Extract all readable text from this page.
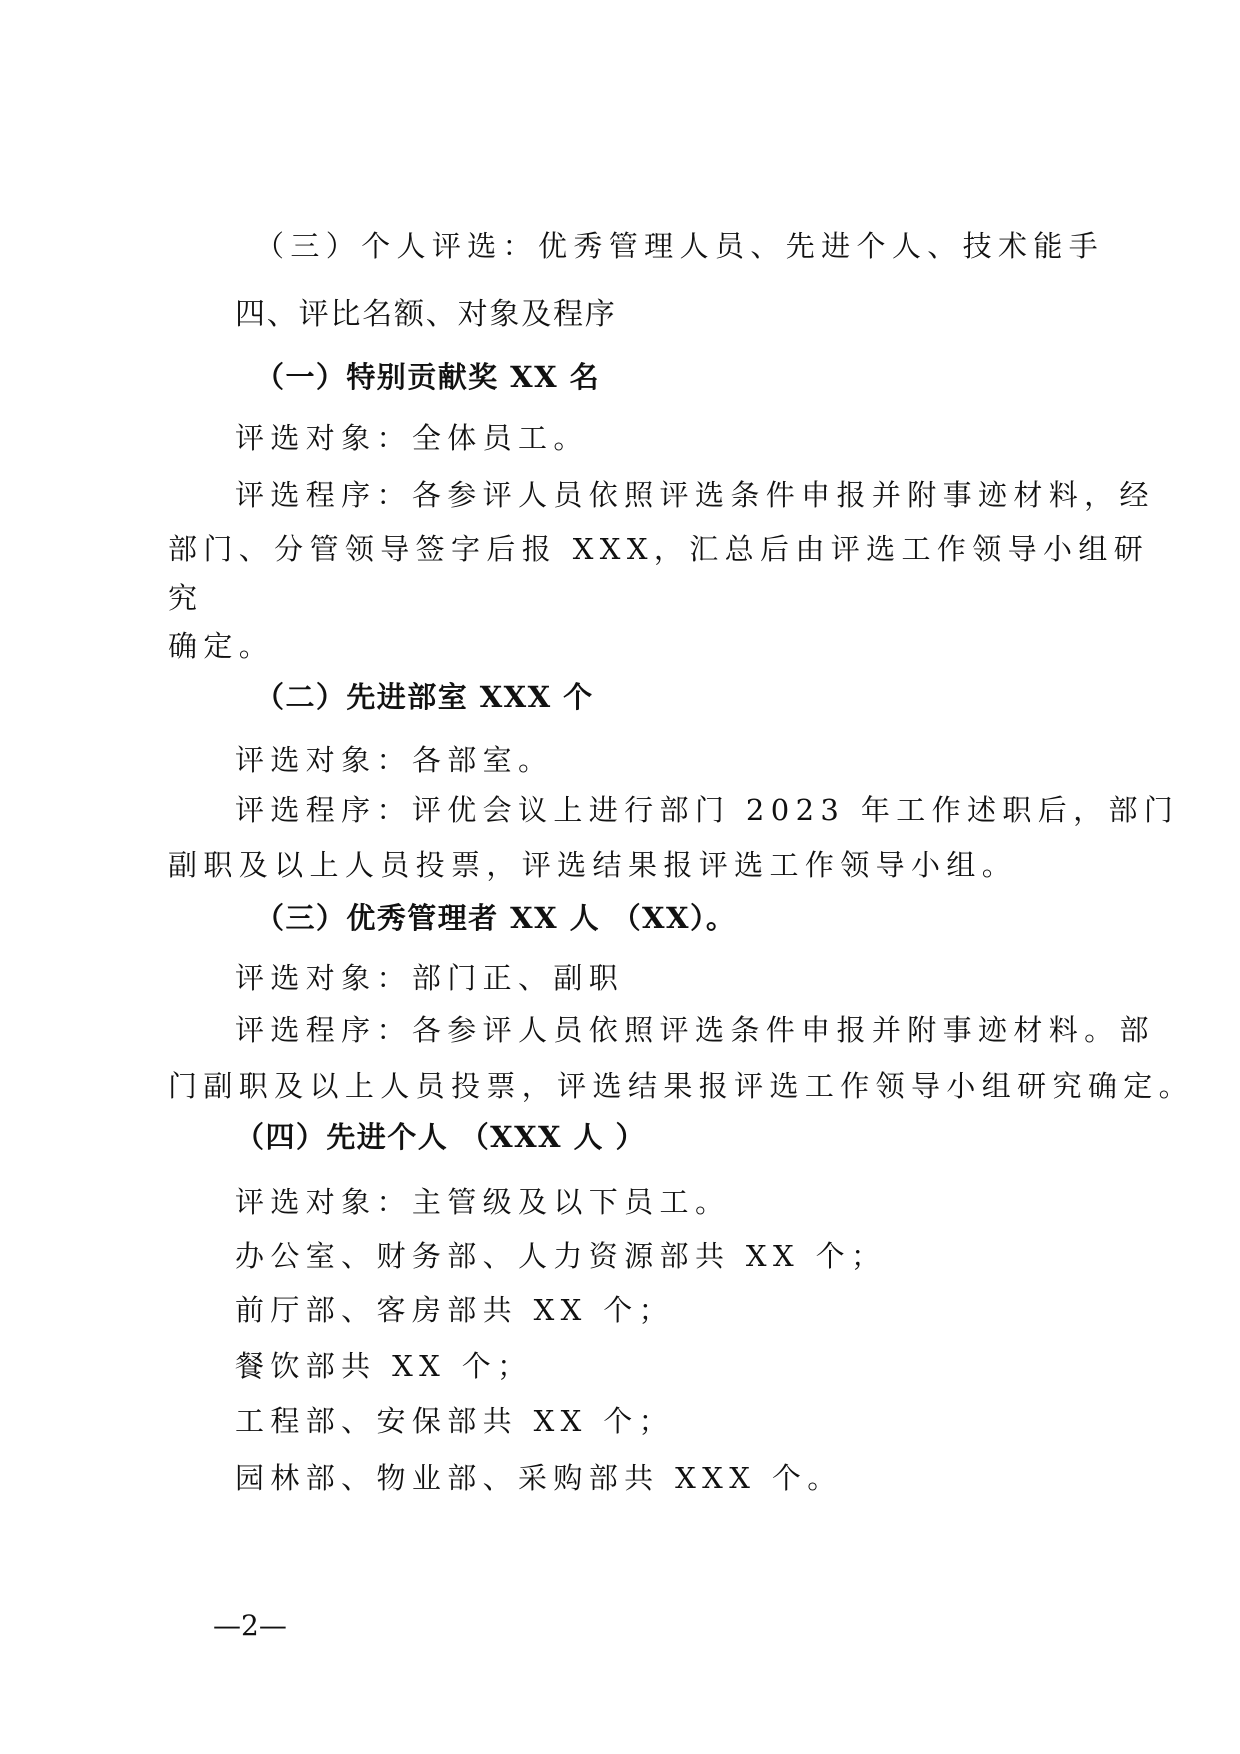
（三）个人评选：优秀管理人员、先进个人、技术能手
四、评比名额、对象及程序
（一）特别贡献奖 XX 名
评选对象：全体员工。
评选程序：各参评人员依照评选条件申报并附事迹材料，经
部门、分管领导签字后报 XXX，汇总后由评选工作领导小组研
究
确定。
（二）先进部室 XXX 个
评选对象：各部室。
评选程序：评优会议上进行部门 2023 年工作述职后，部门
副职及以上人员投票，评选结果报评选工作领导小组。
（三）优秀管理者 XX 人 （XX）。
评选对象：部门正、副职
评选程序：各参评人员依照评选条件申报并附事迹材料。部
门副职及以上人员投票，评选结果报评选工作领导小组研究确定。
（四）先进个人 （XXX 人 ）
评选对象：主管级及以下员工。
办公室、财务部、人力资源部共 XX 个；
前厅部、客房部共 XX 个；
餐饮部共 XX 个；
工程部、安保部共 XX 个；
园林部、物业部、采购部共 XXX 个。
—2—
